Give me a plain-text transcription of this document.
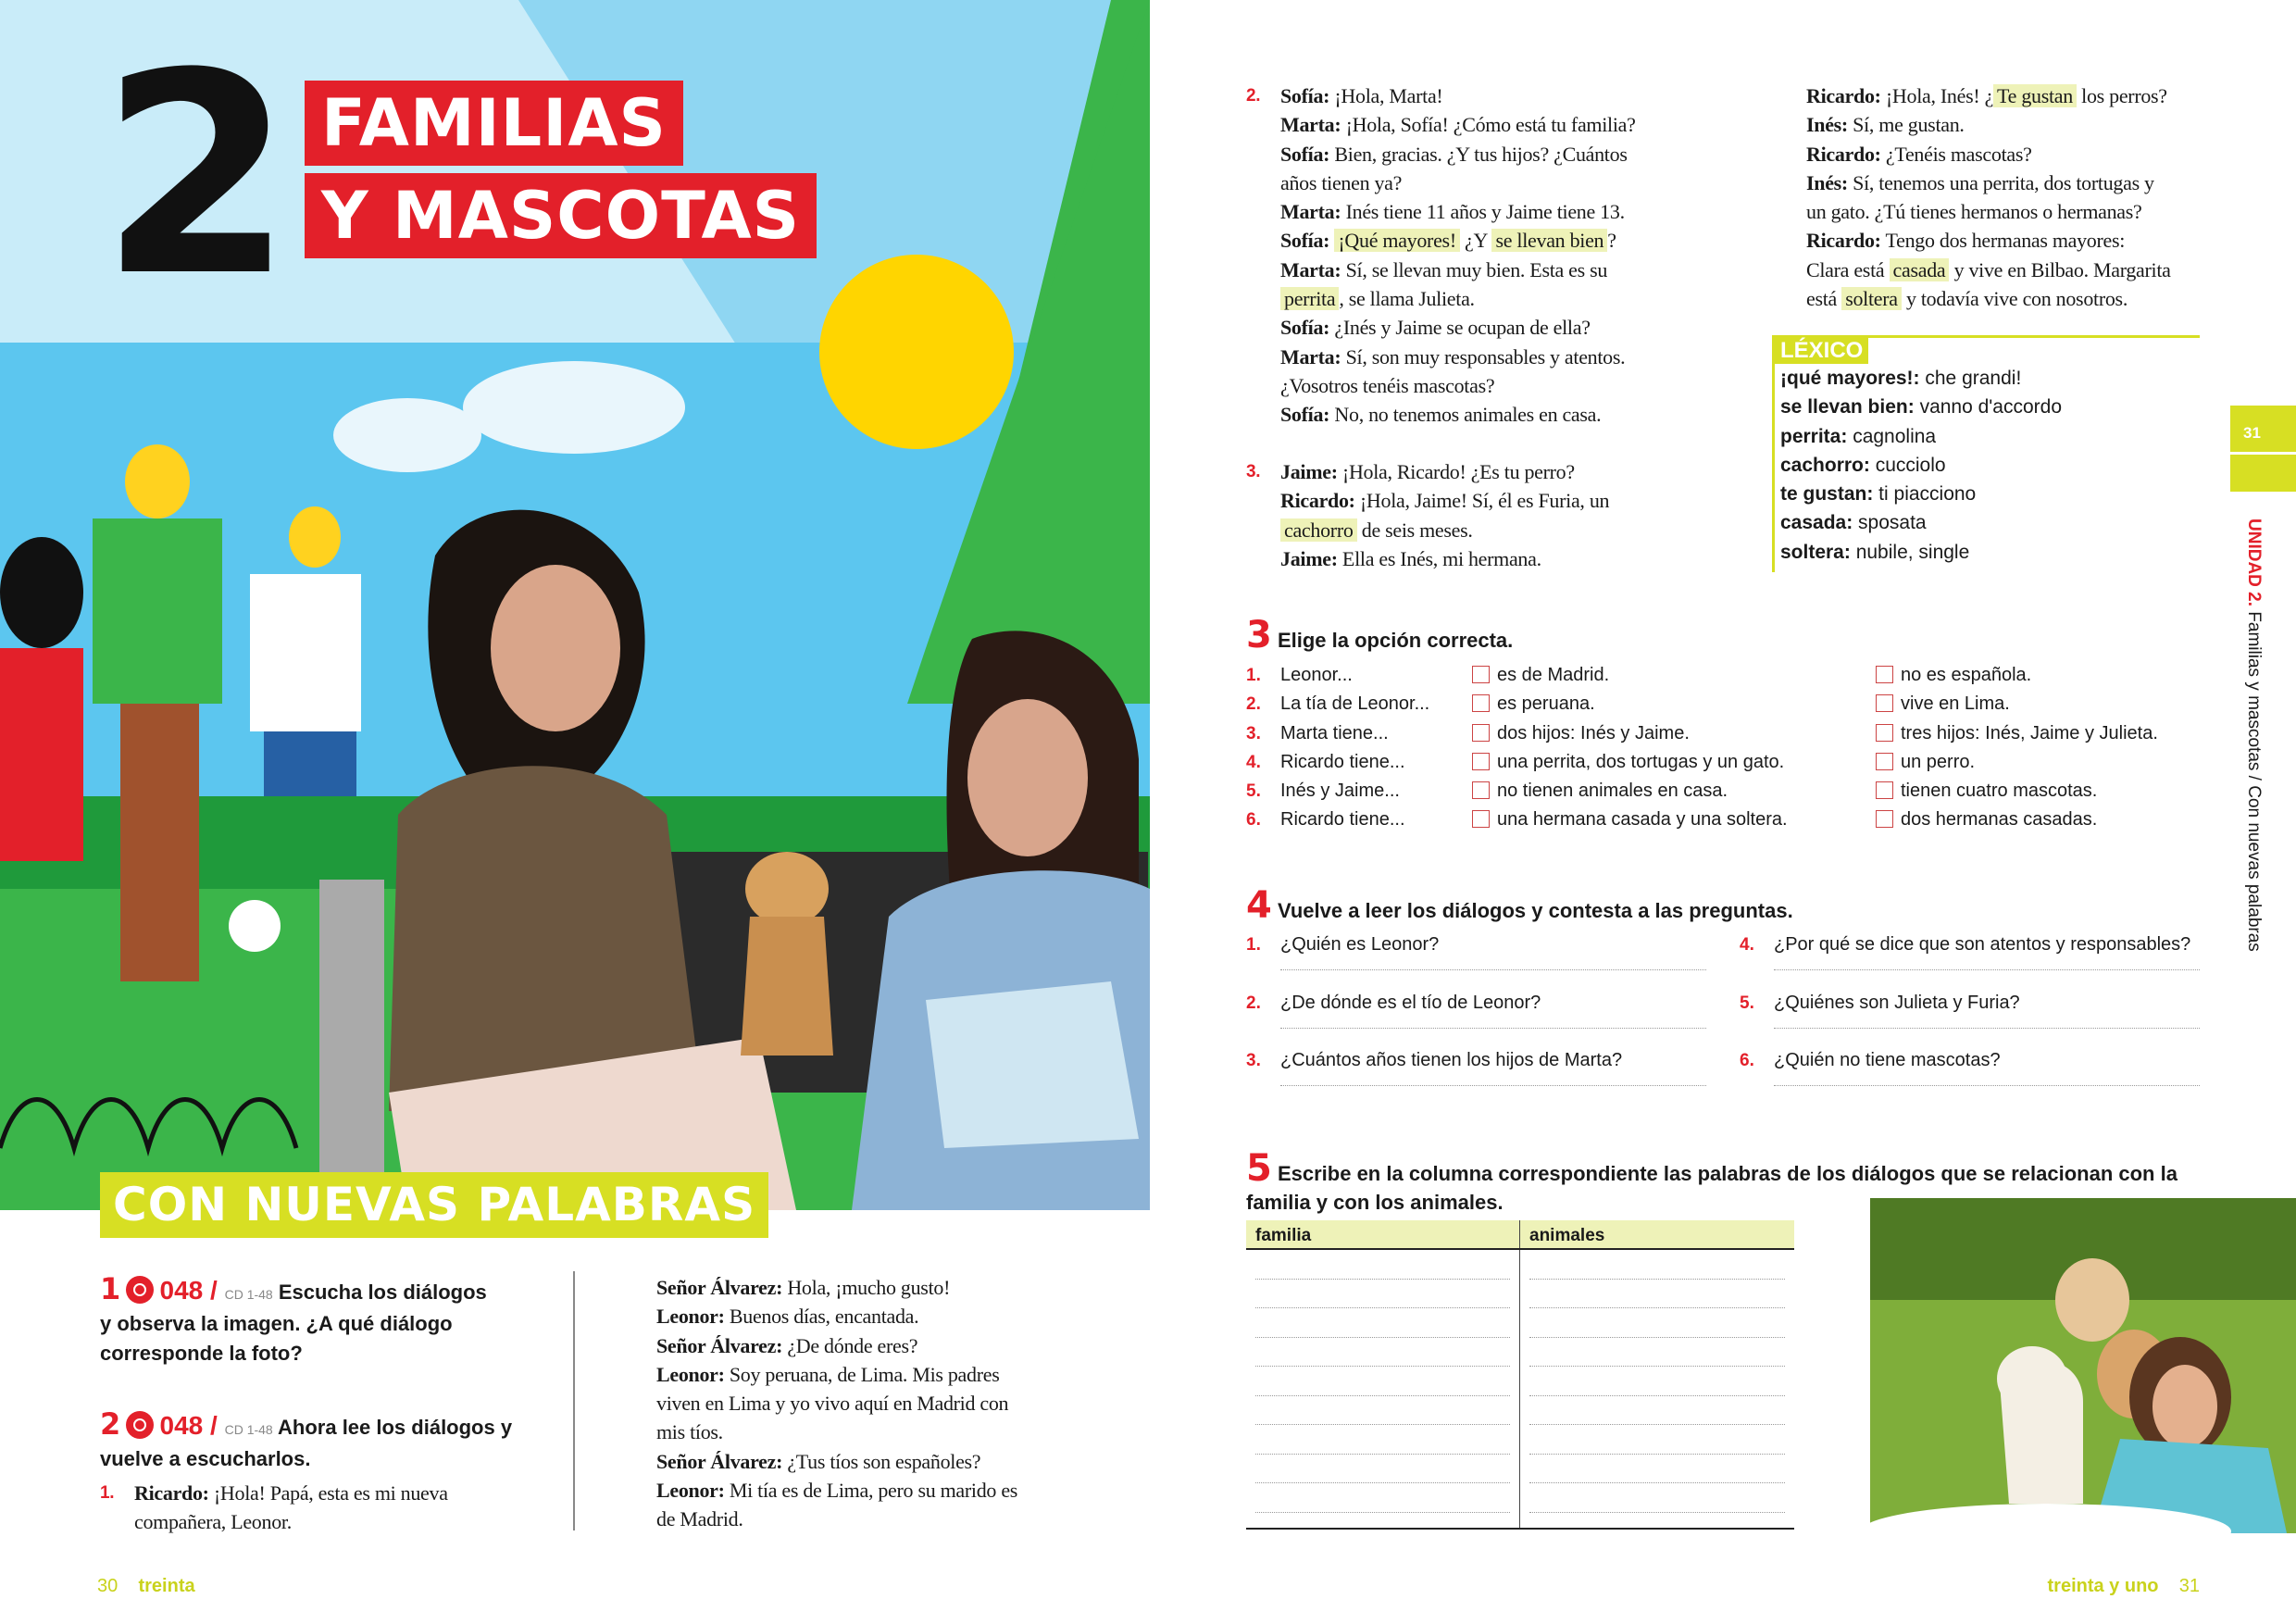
2 FAMILIAS
Y MASCOTAS
CON NUEVAS PALABRAS
1 048 / CD 1-48 Escucha los diálogos
y observa la imagen. ¿A qué diálogo
corresponde la foto?
2 048 / CD 1-48 Ahora lee los diálogos y
vuelve a escucharlos.
1. Ricardo: ¡Hola! Papá, esta es mi nueva
compañera, Leonor.
Señor Álvarez: Hola, ¡mucho gusto!
Leonor: Buenos días, encantada.
Señor Álvarez: ¿De dónde eres?
Leonor: Soy peruana, de Lima. Mis padres
viven en Lima y yo vivo aquí en Madrid con
mis tíos.
Señor Álvarez: ¿Tus tíos son españoles?
Leonor: Mi tía es de Lima, pero su marido es
de Madrid.
30 treinta
2. Sofía: ¡Hola, Marta!
Marta: ¡Hola, Sofía! ¿Cómo está tu familia?
Sofía: Bien, gracias. ¿Y tus hijos? ¿Cuántos
años tienen ya?
Marta: Inés tiene 11 años y Jaime tiene 13.
Sofía: ¡Qué mayores! ¿Y se llevan bien ?
Marta: Sí, se llevan muy bien. Esta es su
perrita , se llama Julieta.
Sofía: ¿Inés y Jaime se ocupan de ella?
Marta: Sí, son muy responsables y atentos.
¿Vosotros tenéis mascotas?
Sofía: No, no tenemos animales en casa.
3. Jaime: ¡Hola, Ricardo! ¿Es tu perro?
Ricardo: ¡Hola, Jaime! Sí, él es Furia, un
cachorro de seis meses.
Jaime: Ella es Inés, mi hermana.
Ricardo: ¡Hola, Inés! ¿ Te gustan los perros?
Inés: Sí, me gustan.
Ricardo: ¿Tenéis mascotas?
Inés: Sí, tenemos una perrita, dos tortugas y
un gato. ¿Tú tienes hermanos o hermanas?
Ricardo: Tengo dos hermanas mayores:
Clara está casada y vive en Bilbao. Margarita
está soltera y todavía vive con nosotros.
LÉXICO
¡qué mayores!: che grandi!
se llevan bien: vanno d'accordo
perrita: cagnolina
cachorro: cucciolo
te gustan: ti piacciono
casada: sposata
soltera: nubile, single
31
UNIDAD 2. Familias y mascotas / Con nuevas palabras
3 Elige la opción correcta.
1. Leonor...	es de Madrid.	no es española.
2. La tía de Leonor...	es peruana.	vive en Lima.
3. Marta tiene...	dos hijos: Inés y Jaime.	tres hijos: Inés, Jaime y Julieta.
4. Ricardo tiene...	una perrita, dos tortugas y un gato.	un perro.
5. Inés y Jaime...	no tienen animales en casa.	tienen cuatro mascotas.
6. Ricardo tiene...	una hermana casada y una soltera.	dos hermanas casadas.
4 Vuelve a leer los diálogos y contesta a las preguntas.
1. ¿Quién es Leonor?
2. ¿De dónde es el tío de Leonor?
3. ¿Cuántos años tienen los hijos de Marta?
4. ¿Por qué se dice que son atentos y responsables?
5. ¿Quiénes son Julieta y Furia?
6. ¿Quién no tiene mascotas?
5 Escribe en la columna correspondiente las palabras de los diálogos que se relacionan con la
familia y con los animales.
familia	animales
treinta y uno 31
